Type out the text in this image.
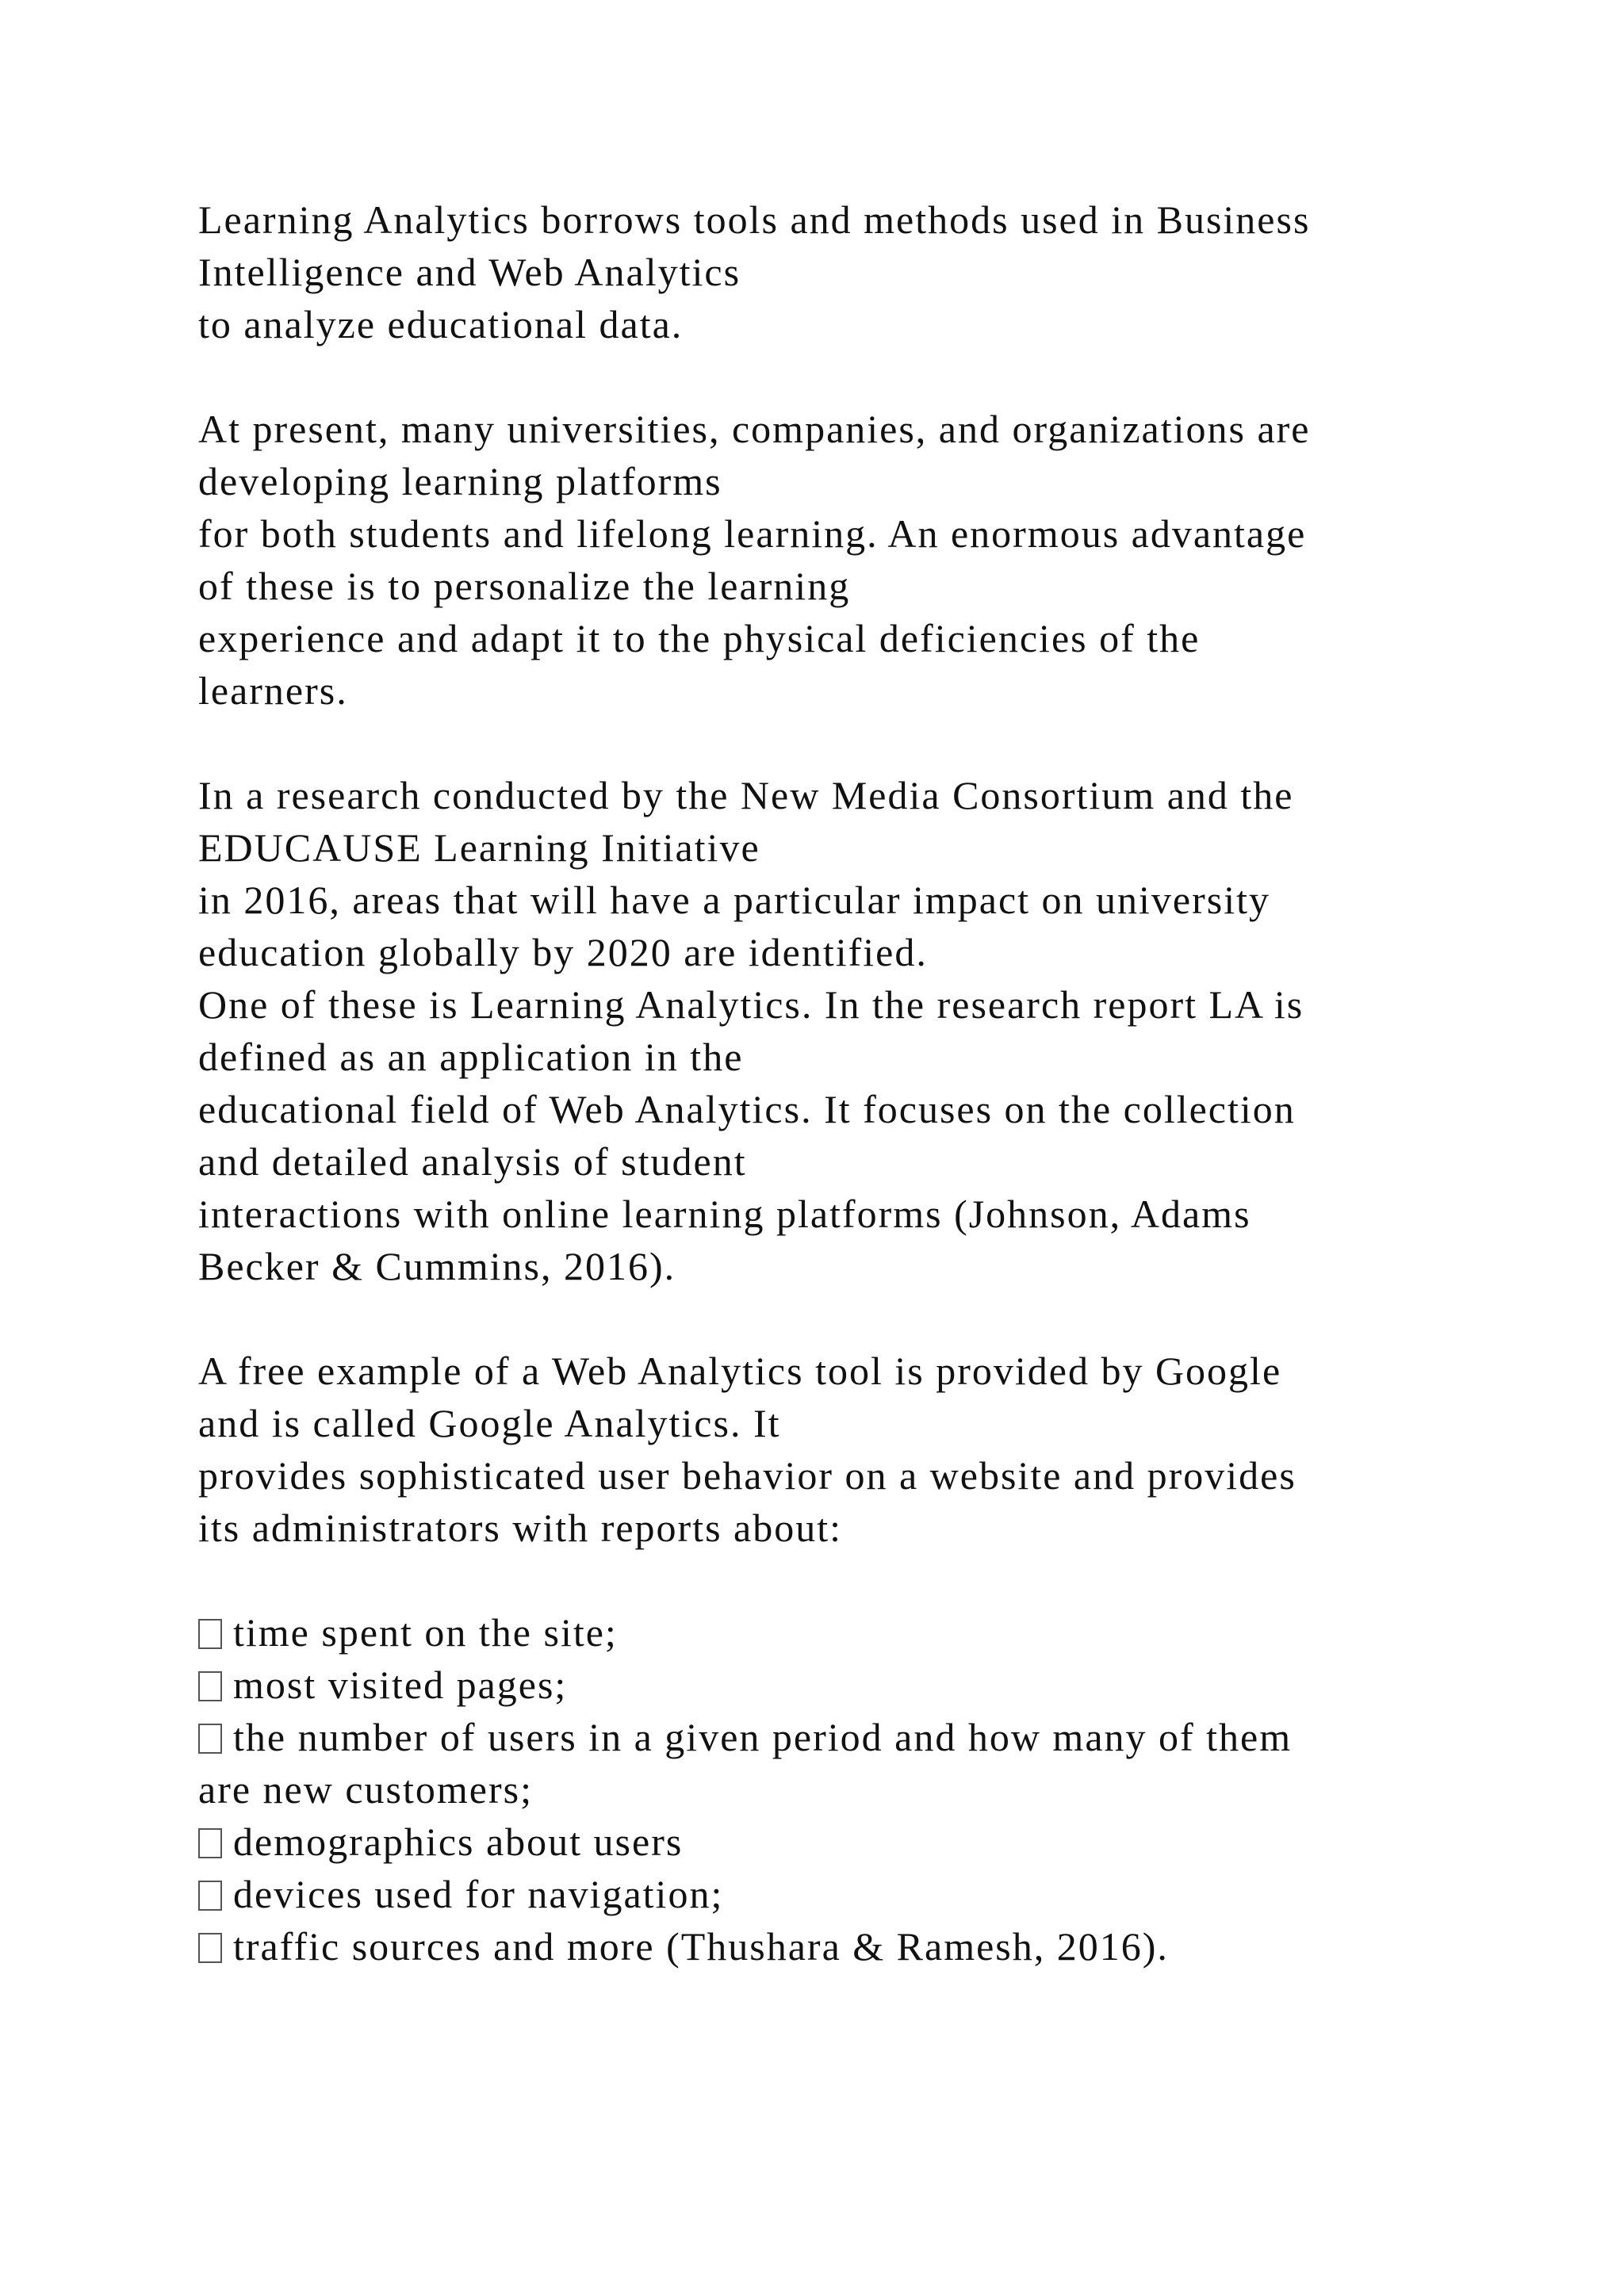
Learning Analytics borrows tools and methods used in Business
Intelligence and Web Analytics
to analyze educational data.

At present, many universities, companies, and organizations are
developing learning platforms
for both students and lifelong learning. An enormous advantage
of these is to personalize the learning
experience and adapt it to the physical deficiencies of the
learners.

In a research conducted by the New Media Consortium and the
EDUCAUSE Learning Initiative
in 2016, areas that will have a particular impact on university
education globally by 2020 are identified.
One of these is Learning Analytics. In the research report LA is
defined as an application in the
educational field of Web Analytics. It focuses on the collection
and detailed analysis of student
interactions with online learning platforms (Johnson, Adams
Becker & Cummins, 2016).

A free example of a Web Analytics tool is provided by Google
and is called Google Analytics. It
provides sophisticated user behavior on a website and provides
its administrators with reports about:

time spent on the site;
most visited pages;
the number of users in a given period and how many of them
are new customers;
demographics about users
devices used for navigation;
traffic sources and more (Thushara & Ramesh, 2016).
